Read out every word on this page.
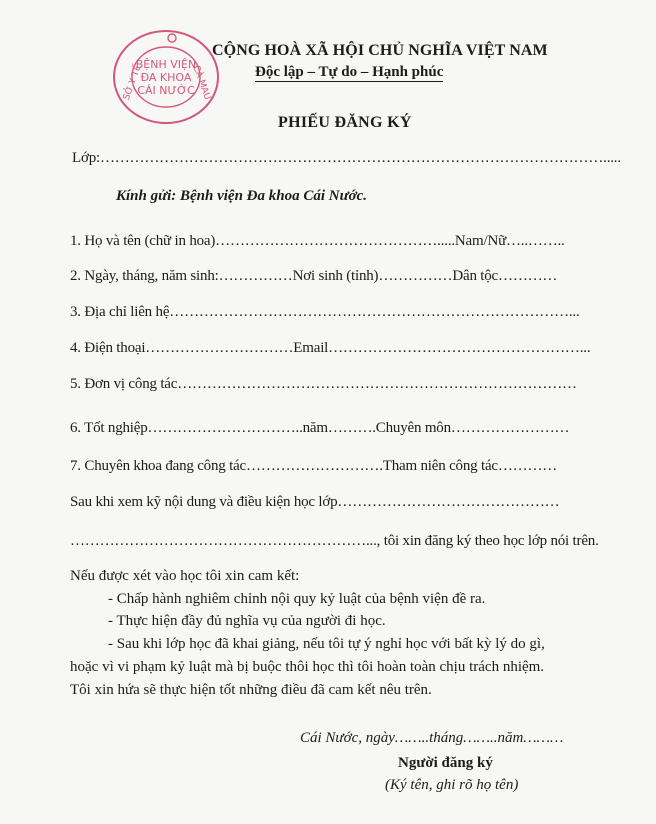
BỆNH VIỆN
ĐA KHOA
CÁI NƯỚC
SỞ Y TẾ	CÀ MAU
CỘNG HOÀ XÃ HỘI CHỦ NGHĨA VIỆT NAM
Độc lập – Tự do – Hạnh phúc
PHIẾU ĐĂNG KÝ
Lớp:………………………………………………………………………………………….....
Kính gửi: Bệnh viện Đa khoa Cái Nước.
1. Họ và tên (chữ in hoa)……………………………………….....Nam/Nữ…..……..
2. Ngày, tháng, năm sinh:……………Nơi sinh (tỉnh)……………Dân tộc…………
3. Địa chỉ liên hệ………………………………………………………………………...
4. Điện thoại…………………………Email……………………………………………...
5. Đơn vị công tác………………………………………………………………………
6. Tốt nghiệp…………………………..năm……….Chuyên môn……………………
7. Chuyên khoa đang công tác……………………….Tham niên công tác…………
Sau khi xem kỹ nội dung và điều kiện học lớp………………………………………
……………………………………………………..., tôi xin đăng ký theo học lớp nói trên.
Nếu được xét vào học tôi xin cam kết:
- Chấp hành nghiêm chỉnh nội quy kỷ luật của bệnh viện đề ra.
- Thực hiện đầy đủ nghĩa vụ của người đi học.
- Sau khi lớp học đã khai giảng, nếu tôi tự ý nghỉ học với bất kỳ lý do gì,
hoặc vì vi phạm kỷ luật mà bị buộc thôi học thì tôi hoàn toàn chịu trách nhiệm.
Tôi xin hứa sẽ thực hiện tốt những điều đã cam kết nêu trên.
Cái Nước, ngày……..tháng……..năm………
Người đăng ký
(Ký tên, ghi rõ họ tên)
